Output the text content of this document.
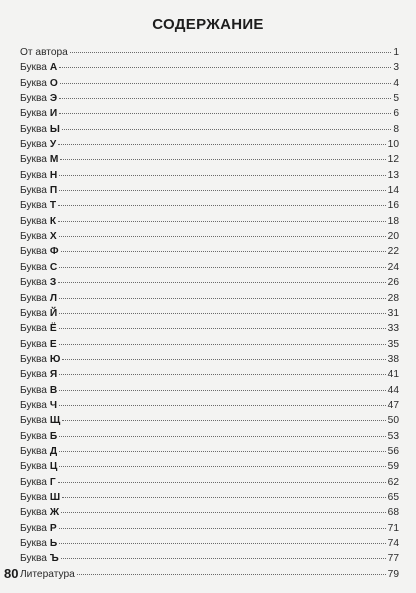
СОДЕРЖАНИЕ
От автора	1
Буква А	3
Буква О	4
Буква Э	5
Буква И	6
Буква Ы	8
Буква У	10
Буква М	12
Буква Н	13
Буква П	14
Буква Т	16
Буква К	18
Буква Х	20
Буква Ф	22
Буква С	24
Буква З	26
Буква Л	28
Буква Й	31
Буква Ё	33
Буква Е	35
Буква Ю	38
Буква Я	41
Буква В	44
Буква Ч	47
Буква Щ	50
Буква Б	53
Буква Д	56
Буква Ц	59
Буква Г	62
Буква Ш	65
Буква Ж	68
Буква Р	71
Буква Ь	74
Буква Ъ	77
Литература	79
80
